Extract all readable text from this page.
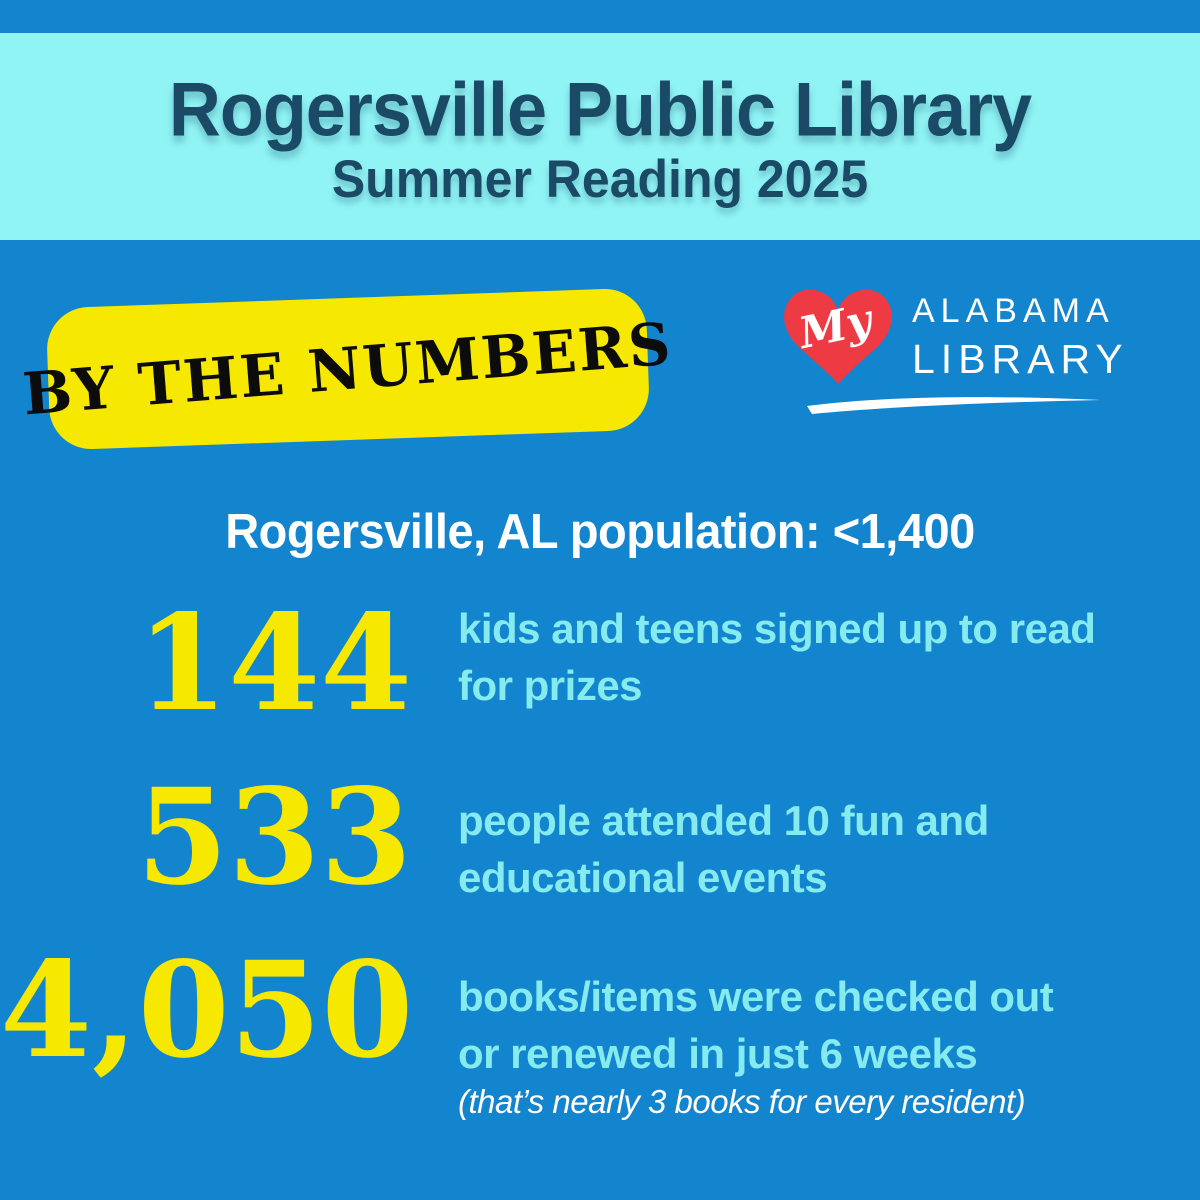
Rogersville Public Library
Summer Reading 2025
BY THE NUMBERS	My ALABAMA
LIBRARY
Rogersville, AL population: <1,400
144 kids and teens signed up to read
for prizes
533 people attended 10 fun and
educational events
4,050 books/items were checked out
or renewed in just 6 weeks
(that’s nearly 3 books for every resident)
